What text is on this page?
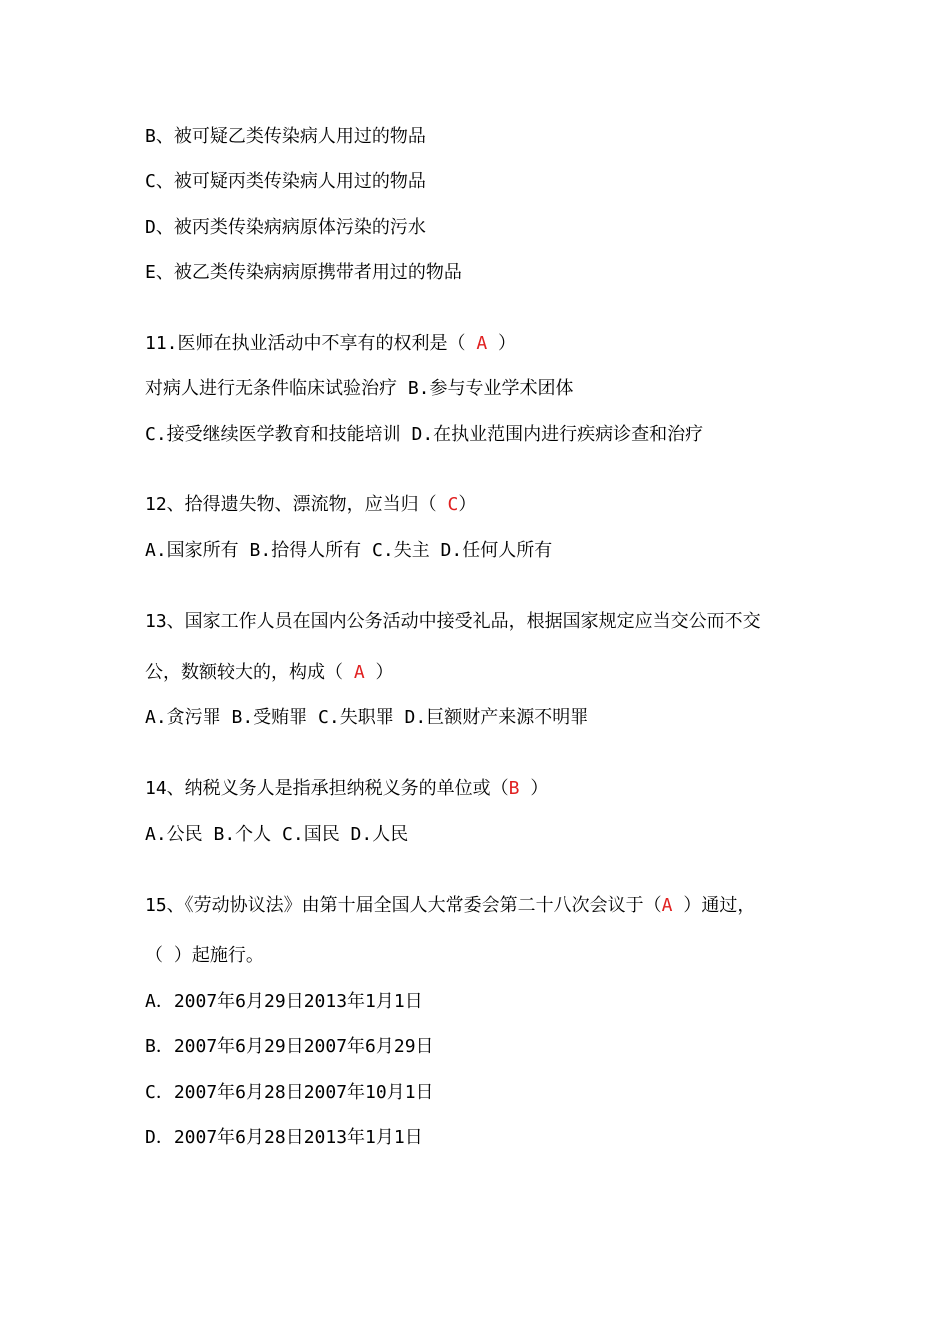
B、被可疑乙类传染病人用过的物品
C、被可疑丙类传染病人用过的物品
D、被丙类传染病病原体污染的污水
E、被乙类传染病病原携带者用过的物品
11.医师在执业活动中不享有的权利是（ A ）
对病人进行无条件临床试验治疗 B.参与专业学术团体
C.接受继续医学教育和技能培训 D.在执业范围内进行疾病诊查和治疗
12、拾得遗失物、漂流物，应当归（ C）
A.国家所有 B.拾得人所有 C.失主 D.任何人所有
13、国家工作人员在国内公务活动中接受礼品，根据国家规定应当交公而不交
公，数额较大的，构成（ A ）
A.贪污罪 B.受贿罪 C.失职罪 D.巨额财产来源不明罪
14、纳税义务人是指承担纳税义务的单位或（B ）
A.公民 B.个人 C.国民 D.人民
15、《劳动协议法》由第十届全国人大常委会第二十八次会议于（A ）通过，
（ ）起施行。
A．2007年6月29日2013年1月1日
B．2007年6月29日2007年6月29日
C．2007年6月28日2007年10月1日
D．2007年6月28日2013年1月1日
